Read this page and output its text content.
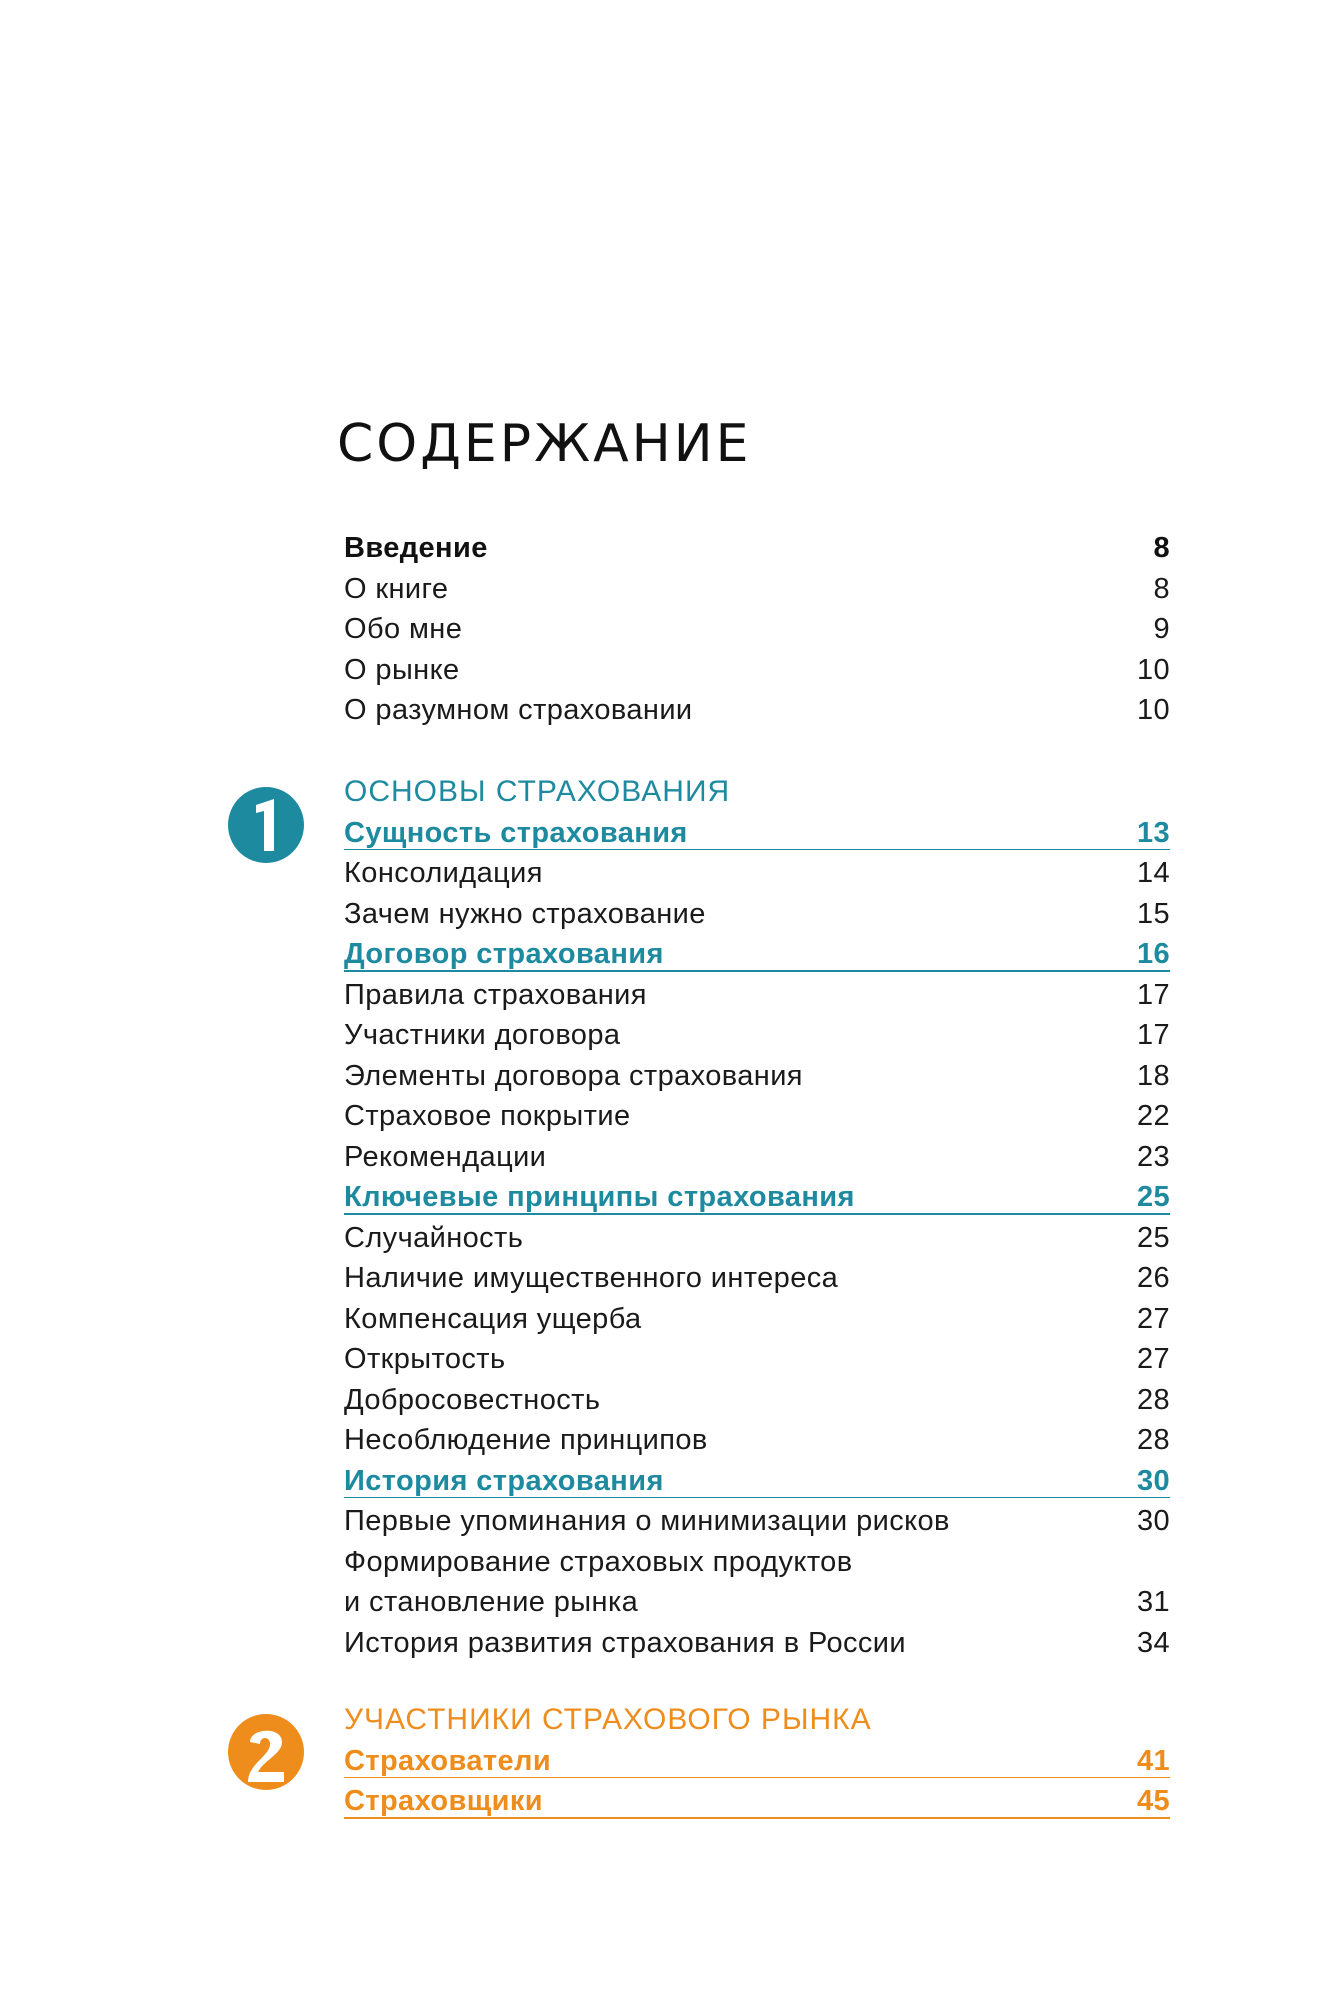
СОДЕРЖАНИЕ
Введение	8
О книге	8
Обо мне	9
О рынке	10
О разумном страховании	10
ОСНОВЫ СТРАХОВАНИЯ
Сущность страхования	13
Консолидация	14
Зачем нужно страхование	15
Договор страхования	16
Правила страхования	17
Участники договора	17
Элементы договора страхования	18
Страховое покрытие	22
Рекомендации	23
Ключевые принципы страхования	25
Случайность	25
Наличие имущественного интереса	26
Компенсация ущерба	27
Открытость	27
Добросовестность	28
Несоблюдение принципов	28
История страхования	30
Первые упоминания о минимизации рисков	30
Формирование страховых продуктов
и становление рынка	31
История развития страхования в России	34
УЧАСТНИКИ СТРАХОВОГО РЫНКА
Страхователи	41
Страховщики	45
